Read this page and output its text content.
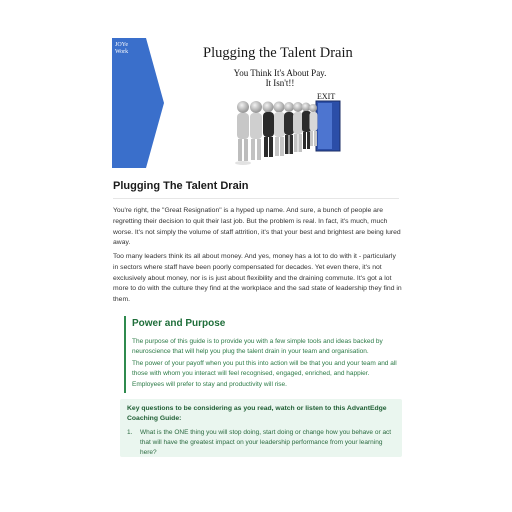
JOYe Work	Plugging the Talent Drain
You Think It's About Pay.
It Isn't!!
EXIT
Plugging The Talent Drain

You're right, the "Great Resignation" is a hyped up name. And sure, a bunch of people are regretting their decision to quit their last job. But the problem is real. In fact, it's much, much worse. It's not simply the volume of staff attrition, it's that your best and brightest are being lured away.

Too many leaders think its all about money. And yes, money has a lot to do with it - particularly in sectors where staff have been poorly compensated for decades. Yet even there, it's not exclusively about money, nor is is just about flexibility and the draining commute. It's got a lot more to do with the culture they find at the workplace and the sad state of leadership they find in them.

Power and Purpose

The purpose of this guide is to provide you with a few simple tools and ideas backed by neuroscience that will help you plug the talent drain in your team and organisation.

The power of your payoff when you put this into action will be that you and your team and all those with whom you interact will feel recognised, engaged, enriched, and happier. Employees will prefer to stay and productivity will rise.

Key questions to be considering as you read, watch or listen to this AdvantEdge Coaching Guide:
1. What is the ONE thing you will stop doing, start doing or change how you behave or act that will have the greatest impact on your leadership performance from your learning here?
